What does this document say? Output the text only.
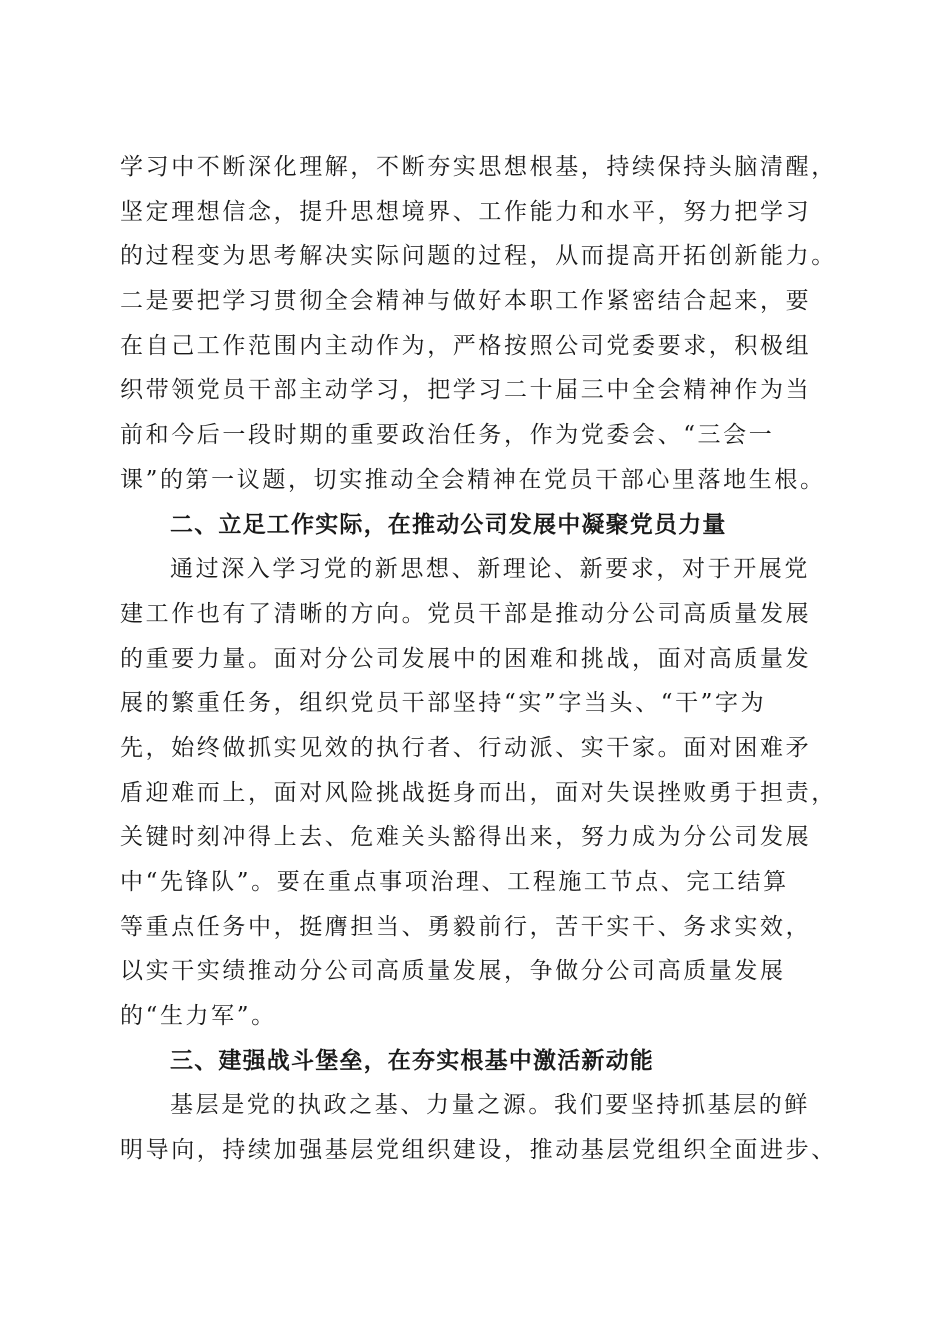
学习中不断深化理解，不断夯实思想根基，持续保持头脑清醒，
坚定理想信念，提升思想境界、工作能力和水平，努力把学习
的过程变为思考解决实际问题的过程，从而提高开拓创新能力。
二是要把学习贯彻全会精神与做好本职工作紧密结合起来，要
在自己工作范围内主动作为，严格按照公司党委要求，积极组
织带领党员干部主动学习，把学习二十届三中全会精神作为当
前和今后一段时期的重要政治任务，作为党委会、“三会一
课”的第一议题，切实推动全会精神在党员干部心里落地生根。
二、立足工作实际，在推动公司发展中凝聚党员力量
通过深入学习党的新思想、新理论、新要求，对于开展党
建工作也有了清晰的方向。党员干部是推动分公司高质量发展
的重要力量。面对分公司发展中的困难和挑战，面对高质量发
展的繁重任务，组织党员干部坚持“实”字当头、“干”字为
先，始终做抓实见效的执行者、行动派、实干家。面对困难矛
盾迎难而上，面对风险挑战挺身而出，面对失误挫败勇于担责，
关键时刻冲得上去、危难关头豁得出来，努力成为分公司发展
中“先锋队”。要在重点事项治理、工程施工节点、完工结算
等重点任务中，挺膺担当、勇毅前行，苦干实干、务求实效，
以实干实绩推动分公司高质量发展，争做分公司高质量发展
的“生力军”。
三、建强战斗堡垒，在夯实根基中激活新动能
基层是党的执政之基、力量之源。我们要坚持抓基层的鲜
明导向，持续加强基层党组织建设，推动基层党组织全面进步、
